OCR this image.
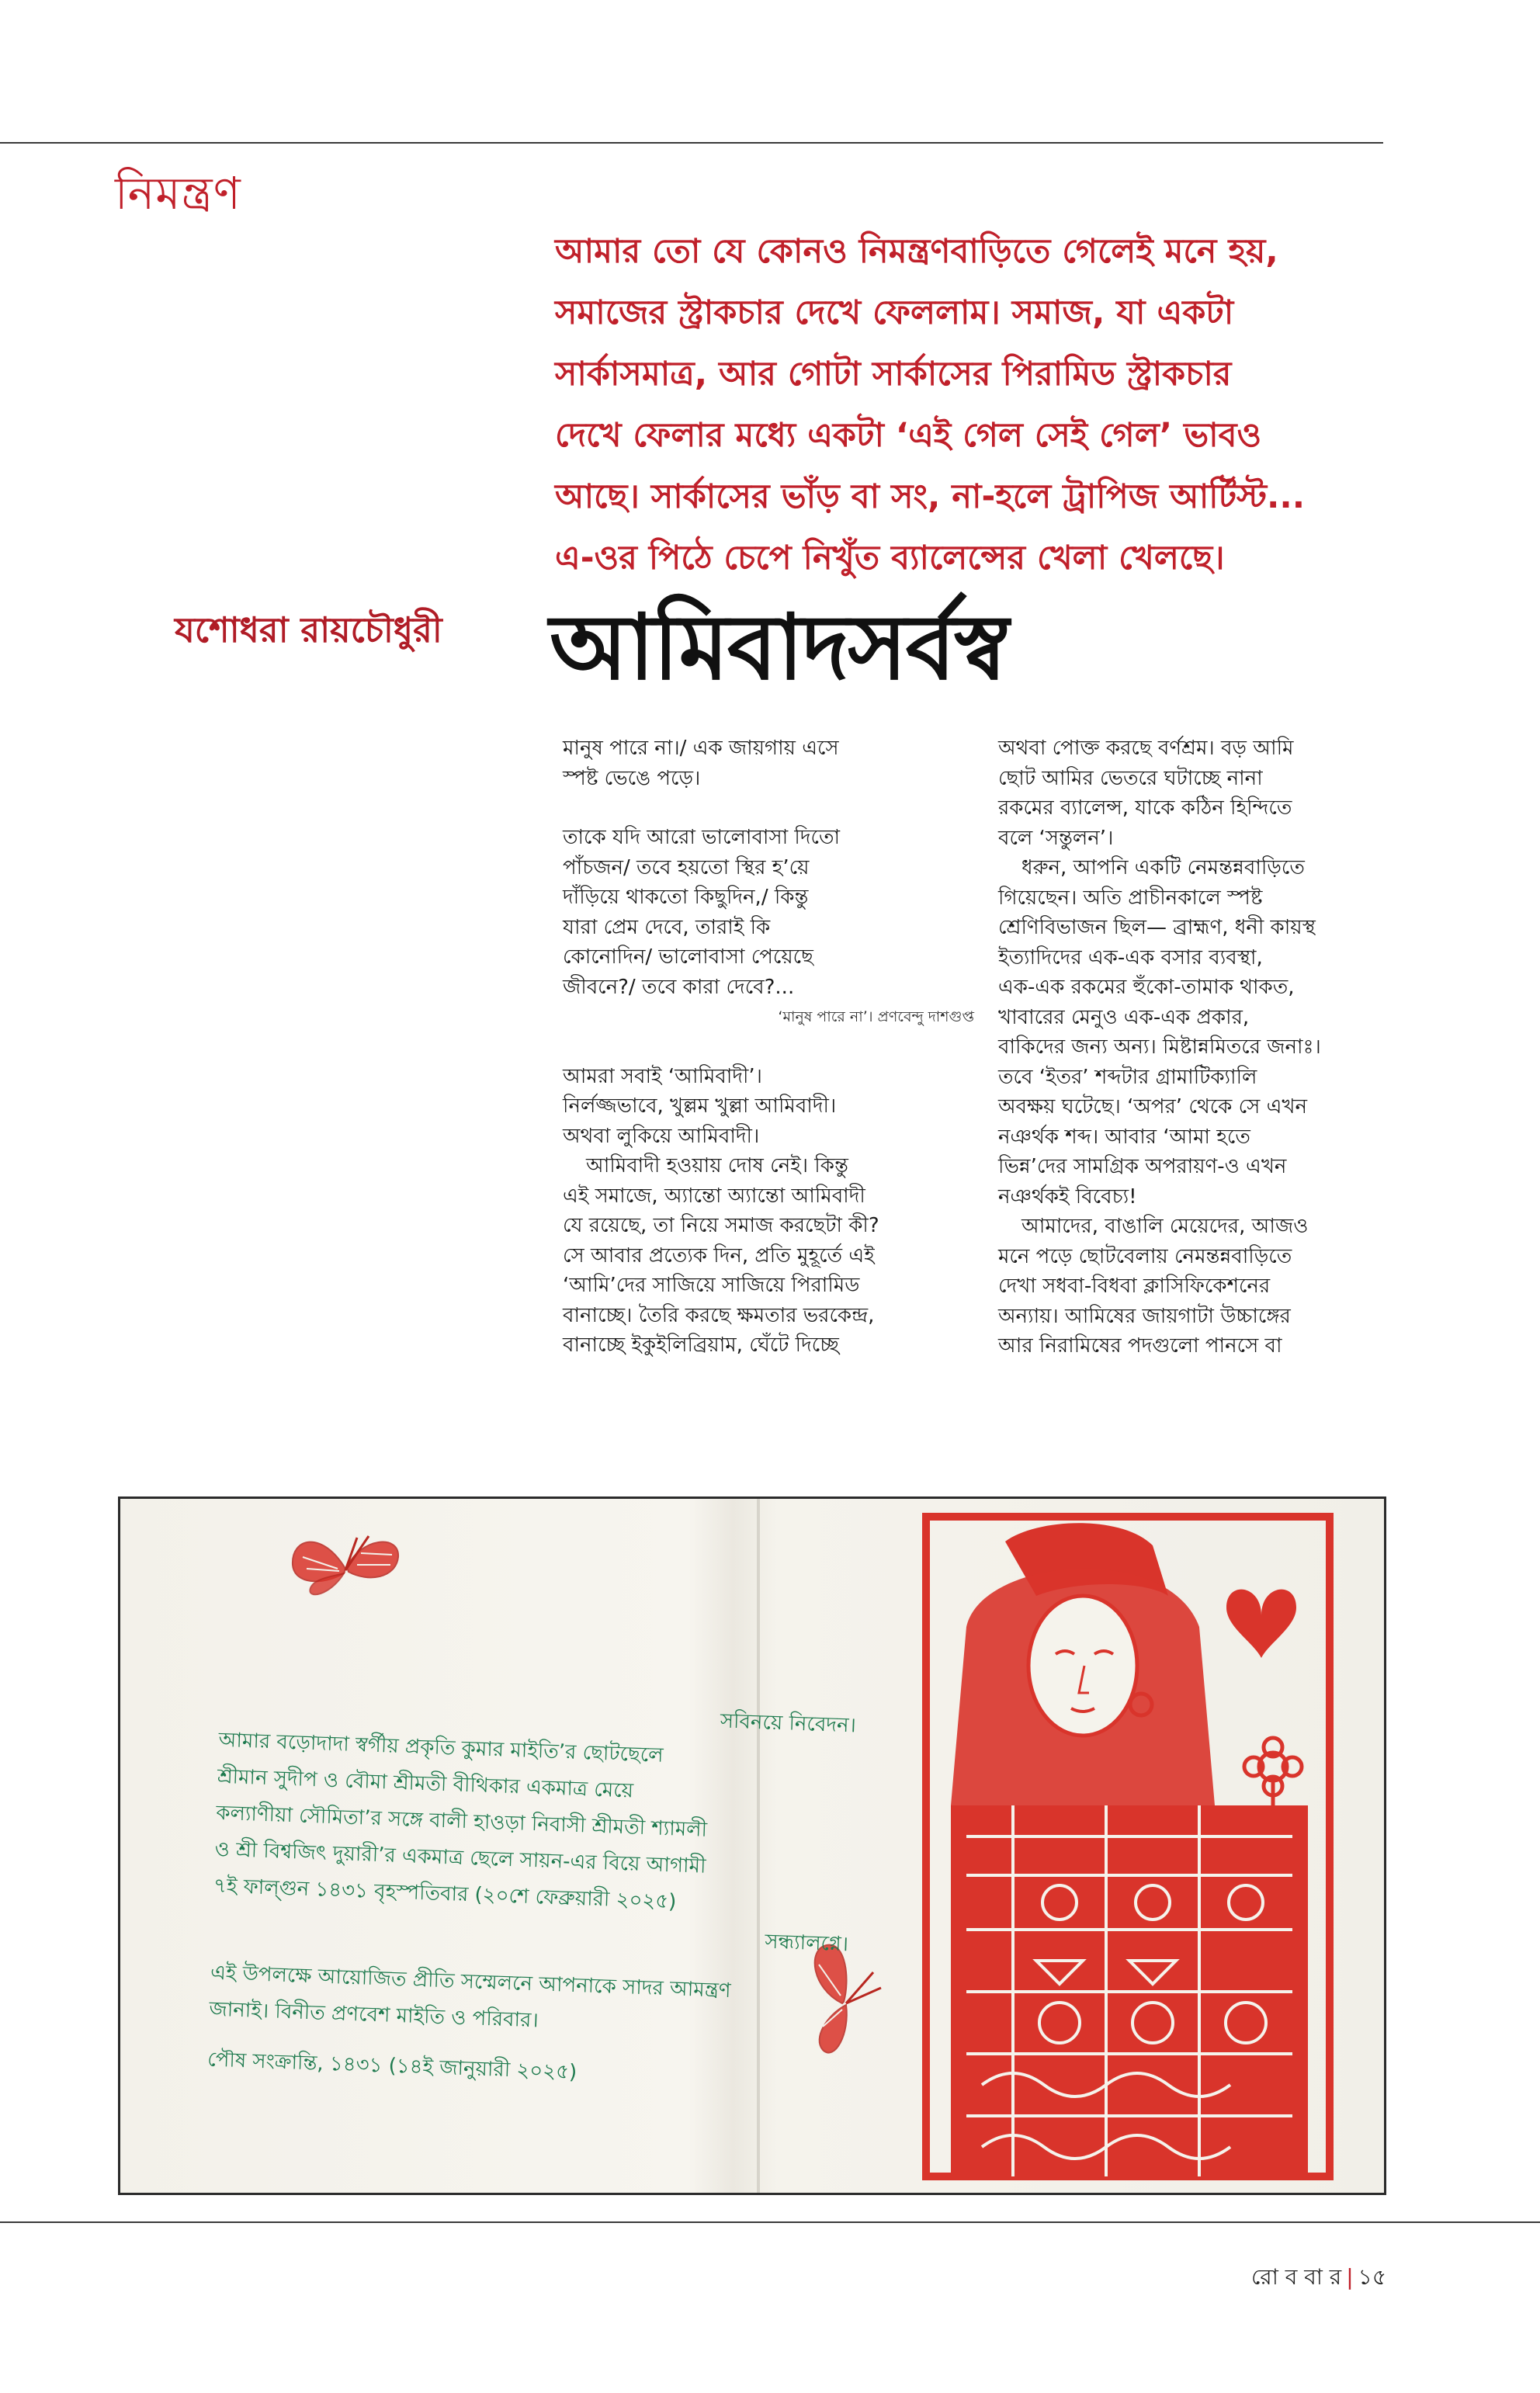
নিমন্ত্রণ

আমার তো যে কোনও নিমন্ত্রণবাড়িতে গেলেই মনে হয়,
সমাজের স্ট্রাকচার দেখে ফেললাম। সমাজ, যা একটা
সার্কাসমাত্র, আর গোটা সার্কাসের পিরামিড স্ট্রাকচার
দেখে ফেলার মধ্যে একটা ‘এই গেল সেই গেল’ ভাবও
আছে। সার্কাসের ভাঁড় বা সং, না-হলে ট্রাপিজ আর্টিস্ট...
এ-ওর পিঠে চেপে নিখুঁত ব্যালেন্সের খেলা খেলছে।

যশোধরা রায়চৌধুরী আমিবাদসর্বস্ব
মানুষ পারে না।/ এক জায়গায় এসে
স্পষ্ট ভেঙে পড়ে।
তাকে যদি আরো ভালোবাসা দিতো
পাঁচজন/ তবে হয়তো স্থির হ’য়ে
দাঁড়িয়ে থাকতো কিছুদিন,/ কিন্তু
যারা প্রেম দেবে, তারাই কি
কোনোদিন/ ভালোবাসা পেয়েছে
জীবনে?/ তবে কারা দেবে?...
‘মানুষ পারে না’। প্রণবেন্দু দাশগুপ্ত
আমরা সবাই ‘আমিবাদী’।
নির্লজ্জভাবে, খুল্লম খুল্লা আমিবাদী।
অথবা লুকিয়ে আমিবাদী।
আমিবাদী হওয়ায় দোষ নেই। কিন্তু
এই সমাজে, অ্যান্তো অ্যান্তো আমিবাদী
যে রয়েছে, তা নিয়ে সমাজ করছেটা কী?
সে আবার প্রত্যেক দিন, প্রতি মুহূর্তে এই
‘আমি’দের সাজিয়ে সাজিয়ে পিরামিড
বানাচ্ছে। তৈরি করছে ক্ষমতার ভরকেন্দ্র,
বানাচ্ছে ইকুইলিব্রিয়াম, ঘেঁটে দিচ্ছে
অথবা পোক্ত করছে বর্ণশ্রম। বড় আমি
ছোট আমির ভেতরে ঘটাচ্ছে নানা
রকমের ব্যালেন্স, যাকে কঠিন হিন্দিতে
বলে ‘সন্তুলন’।
ধরুন, আপনি একটি নেমন্তন্নবাড়িতে
গিয়েছেন। অতি প্রাচীনকালে স্পষ্ট
শ্রেণিবিভাজন ছিল— ব্রাহ্মণ, ধনী কায়স্থ
ইত্যাদিদের এক-এক বসার ব্যবস্থা,
এক-এক রকমের হুঁকো-তামাক থাকত,
খাবারের মেনুও এক-এক প্রকার,
বাকিদের জন্য অন্য। মিষ্টান্নমিতরে জনাঃ।
তবে ‘ইতর’ শব্দটার গ্রামাটিক্যালি
অবক্ষয় ঘটেছে। ‘অপর’ থেকে সে এখন
নঞর্থক শব্দ। আবার ‘আমা হতে
ভিন্ন’দের সামগ্রিক অপরায়ণ-ও এখন
নঞর্থকই বিবেচ্য!
আমাদের, বাঙালি মেয়েদের, আজও
মনে পড়ে ছোটবেলায় নেমন্তন্নবাড়িতে
দেখা সধবা-বিধবা ক্লাসিফিকেশনের
অন্যায়। আমিষের জায়গাটা উচ্চাঙ্গের
আর নিরামিষের পদগুলো পানসে বা
সবিনয়ে নিবেদন।
আমার বড়োদাদা স্বর্গীয় প্রকৃতি কুমার মাইতি’র ছোটছেলে
শ্রীমান সুদীপ ও বৌমা শ্রীমতী বীথিকার একমাত্র মেয়ে
কল্যাণীয়া সৌমিতা’র সঙ্গে বালী হাওড়া নিবাসী শ্রীমতী শ্যামলী
ও শ্রী বিশ্বজিৎ দুয়ারী’র একমাত্র ছেলে সায়ন-এর বিয়ে আগামী
৭ই ফাল্গুন ১৪৩১ বৃহস্পতিবার (২০শে ফেব্রুয়ারী ২০২৫)
সন্ধ্যালগ্নে।
এই উপলক্ষে আয়োজিত প্রীতি সম্মেলনে আপনাকে সাদর আমন্ত্রণ
জানাই। বিনীত প্রণবেশ মাইতি ও পরিবার।
পৌষ সংক্রান্তি, ১৪৩১ (১৪ই জানুয়ারী ২০২৫)
রো ব বা র | ১৫
